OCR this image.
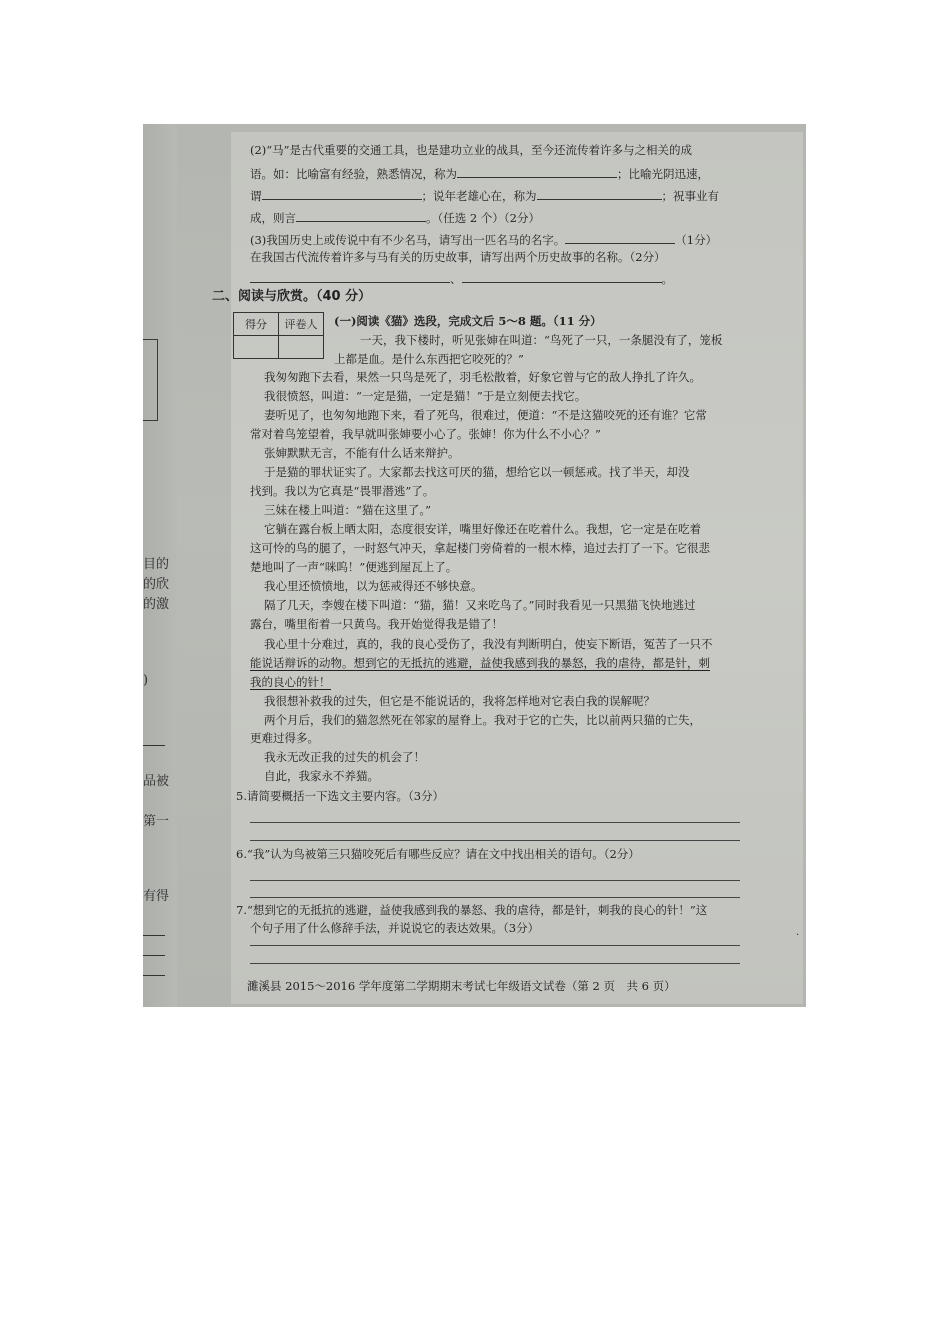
目的
的欣
的激
)
品被
第一
有得
(2)“马”是古代重要的交通工具，也是建功立业的战具，至今还流传着许多与之相关的成
语。如：比喻富有经验，熟悉情况，称为	；比喻光阴迅速，
谓	；说年老雄心在，称为	；祝事业有
成，则言	。（任选 2 个）（2分）
(3)我国历史上或传说中有不少名马，请写出一匹名马的名字。	（1分）
在我国古代流传着许多与马有关的历史故事，请写出两个历史故事的名称。（2分）
、	。
二、阅读与欣赏。（40 分）
得分	评卷人
	(一)阅读《猫》选段，完成文后 5～8 题。（11 分）
一天，我下楼时，听见张婶在叫道：“鸟死了一只，一条腿没有了，笼板
上都是血。是什么东西把它咬死的？”
我匆匆跑下去看，果然一只鸟是死了，羽毛松散着，好象它曾与它的敌人挣扎了许久。
我很愤怒，叫道：“一定是猫，一定是猫！”于是立刻便去找它。
妻听见了，也匆匆地跑下来，看了死鸟，很难过，便道：“不是这猫咬死的还有谁？它常
常对着鸟笼望着，我早就叫张婶要小心了。张婶！你为什么不小心？”
张婶默默无言，不能有什么话来辩护。
于是猫的罪状证实了。大家都去找这可厌的猫，想给它以一顿惩戒。找了半天，却没
找到。我以为它真是“畏罪潜逃”了。
三妹在楼上叫道：“猫在这里了。”
它躺在露台板上晒太阳，态度很安详，嘴里好像还在吃着什么。我想，它一定是在吃着
这可怜的鸟的腿了，一时怒气冲天，拿起楼门旁倚着的一根木棒，追过去打了一下。它很悲
楚地叫了一声“咪呜！”便逃到屋瓦上了。
我心里还愤愤地，以为惩戒得还不够快意。
隔了几天，李嫂在楼下叫道：“猫，猫！又来吃鸟了。”同时我看见一只黑猫飞快地逃过
露台，嘴里衔着一只黄鸟。我开始觉得我是错了！
我心里十分难过，真的，我的良心受伤了，我没有判断明白，使妄下断语，冤苦了一只不
能说话辩诉的动物。想到它的无抵抗的逃避，益使我感到我的暴怒，我的虐待，都是针，刺
我的良心的针！
我很想补救我的过失，但它是不能说话的，我将怎样地对它表白我的误解呢？
两个月后，我们的猫忽然死在邻家的屋脊上。我对于它的亡失，比以前两只猫的亡失，
更难过得多。
我永无改正我的过失的机会了！
自此，我家永不养猫。
5.请简要概括一下选文主要内容。（3分）
6.“我”认为鸟被第三只猫咬死后有哪些反应？请在文中找出相关的语句。（2分）
7.“想到它的无抵抗的逃避，益使我感到我的暴怒、我的虐待，都是针，刺我的良心的针！”这
个句子用了什么修辞手法，并说说它的表达效果。（3分）
濉溪县 2015～2016 学年度第二学期期末考试七年级语文试卷（第 2 页　共 6 页）
·
